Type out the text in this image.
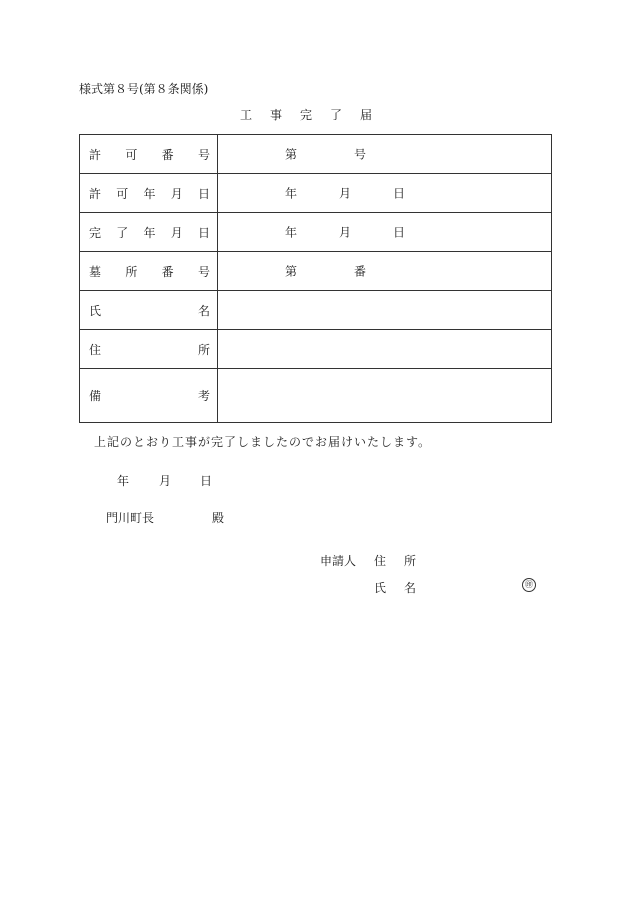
様式第８号(第８条関係)
工　事　完　了　届
許 可 番 号	第 号

許 可 年 月 日	年 月 日

完 了 年 月 日	年 月 日

墓 所 番 号	第 番

氏 名	

住 所	

備 考	

上記のとおり工事が完了しましたのでお届けいたします。
年 月 日
門川町長	殿
申請人 住 所
氏 名	㊞
